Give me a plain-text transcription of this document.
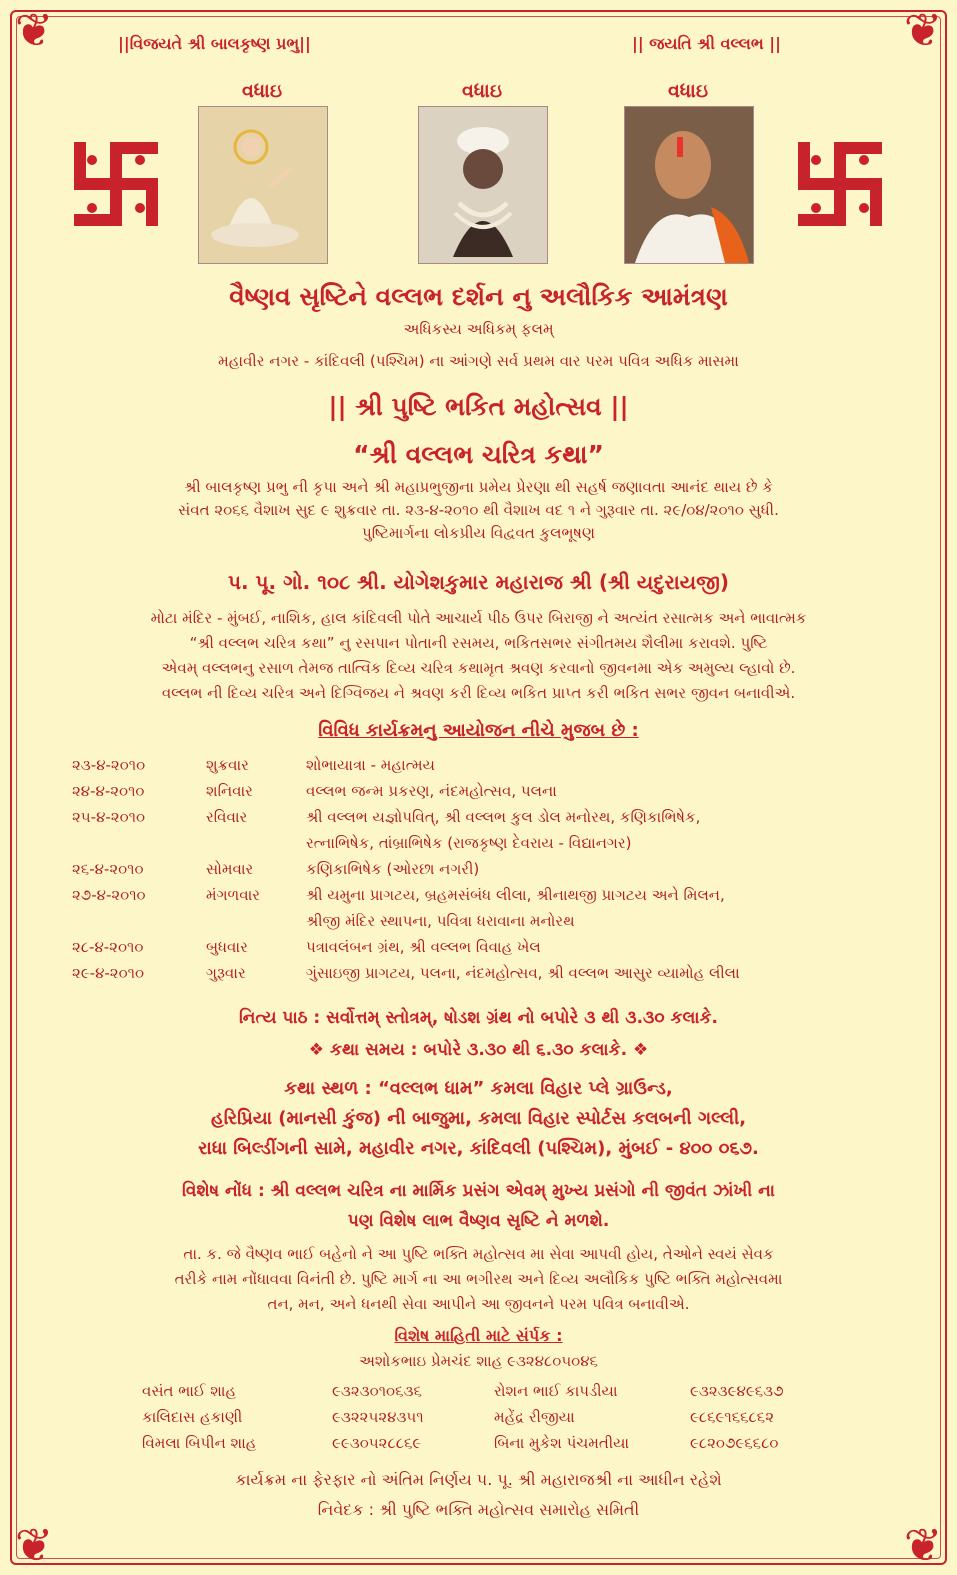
❦	❦
❦	❦
||વિજયતે શ્રી બાલકૃષ્ણ પ્રભુ||	|| જયતિ શ્રી વલ્લભ ||
વધાઇ	વધાઇ	વધાઇ
વૈષ્ણવ સૃષ્ટિને વલ્લભ દર્શન નુ અલૌકિક આમંત્રણ
અધિકસ્ય અધિકમ્ ફલમ્
મહાવીર નગર - કાંદિવલી (પશ્ચિમ) ના આંગણે સર્વ પ્રથમ વાર પરમ પવિત્ર અધિક માસમા
|| શ્રી પુષ્ટિ ભકિત મહોત્સવ ||
“શ્રી વલ્લભ ચરિત્ર કથા”
શ્રી બાલકૃષ્ણ પ્રભુ ની કૃપા અને શ્રી મહાપ્રભુજીના પ્રમેય પ્રેરણા થી સહર્ષ જણાવતા આનંદ થાય છે કે
સંવત ૨૦૬૬ વૈશાખ સુદ ૯ શુક્રવાર તા. ૨૩-૪-૨૦૧૦ થી વૈશાખ વદ ૧ ને ગુરૂવાર તા. ૨૯/૦૪/૨૦૧૦ સુધી.
પુષ્ટિમાર્ગના લોકપ્રીય વિદ્વવત કુલભૂષણ
પ. પૂ. ગો. ૧૦૮ શ્રી. યોગેશકુમાર મહારાજ શ્રી (શ્રી યદુરાયજી)
મોટા મંદિર - મુંબઈ, નાશિક, હાલ કાંદિવલી પોતે આચાર્ય પીઠ ઉપર બિરાજી ને અત્યંત રસાત્મક અને ભાવાત્મક
“શ્રી વલ્લભ ચરિત્ર કથા” નુ રસપાન પોતાની રસમય, ભકિતસભર સંગીતમય શૈલીમા કરાવશે. પુષ્ટિ
એવમ્ વલ્લભનુ રસાળ તેમજ તાત્વિક દિવ્ય ચરિત્ર કથામૃત શ્રવણ કરવાનો જીવનમા એક અમુલ્ય લ્હાવો છે.
વલ્લભ ની દિવ્ય ચરિત્ર અને દિગ્વિજય ને શ્રવણ કરી દિવ્ય ભકિત પ્રાપ્ત કરી ભકિત સભર જીવન બનાવીએ.
વિવિધ કાર્યક્રમનુ આયોજન નીચે મુજબ છે :
૨૩-૪-૨૦૧૦	શુક્રવાર	શોભાયાત્રા - મહાત્મય
૨૪-૪-૨૦૧૦	શનિવાર	વલ્લભ જન્મ પ્રકરણ, નંદમહોત્સવ, પલના
૨૫-૪-૨૦૧૦	રવિવાર	શ્રી વલ્લભ યજ્ઞોપવિત્, શ્રી વલ્લભ કુલ ડોલ મનોરથ, કણિકાભિષેક,
રત્નાભિષેક, તાંબ્રાભિષેક (રાજકૃષ્ણ દેવરાય - વિદ્યાનગર)
૨૬-૪-૨૦૧૦	સોમવાર	કણિકાભિષેક (ઓરછા નગરી)
૨૭-૪-૨૦૧૦	મંગળવાર	શ્રી યમુના પ્રાગટય, બ્રહમસંબંધ લીલા, શ્રીનાથજી પ્રાગટય અને મિલન,
શ્રીજી મંદિર સ્થાપના, પવિત્રા ધરાવાના મનોરથ
૨૮-૪-૨૦૧૦	બુધવાર	પત્રાવલંબન ગ્રંથ, શ્રી વલ્લભ વિવાહ ખેલ
૨૯-૪-૨૦૧૦	ગુરૂવાર	ગુંસાઇજી પ્રાગટય, પલના, નંદમહોત્સવ, શ્રી વલ્લભ આસુર વ્યામોહ લીલા
નિત્ય પાઠ : સર્વોત્તમ્ સ્તોત્રમ્, ષોડશ ગ્રંથ નો બપોરે ૩ થી ૩.૩૦ કલાકે.
❖ કથા સમય : બપોરે ૩.૩૦ થી ૬.૩૦ કલાકે. ❖
કથા સ્થળ : “વલ્લભ ધામ” કમલા વિહાર પ્લે ગ્રાઉન્ડ,
હરિપ્રિયા (માનસી કુંજ) ની બાજુમા, કમલા વિહાર સ્પોર્ટસ કલબની ગલ્લી,
રાધા બિલ્ડીંગની સામે, મહાવીર નગર, કાંદિવલી (પશ્ચિમ), મુંબઈ - ૪૦૦ ૦૬૭.
વિશેષ નોંધ : શ્રી વલ્લભ ચરિત્ર ના માર્મિક પ્રસંગ એવમ્ મુખ્ય પ્રસંગો ની જીવંત ઝાંખી ના
પણ વિશેષ લાભ વૈષ્ણવ સૃષ્ટિ ને મળશે.
તા. ક. જે વૈષ્ણવ ભાઈ બહેનો ને આ પુષ્ટિ ભક્તિ મહોત્સવ મા સેવા આપવી હોય, તેઓને સ્વયં સેવક
તરીકે નામ નોંધાવવા વિનંતી છે. પુષ્ટિ માર્ગ ના આ ભગીરથ અને દિવ્ય અલૌકિક પુષ્ટિ ભક્તિ મહોત્સવમા
તન, મન, અને ધનથી સેવા આપીને આ જીવનને પરમ પવિત્ર બનાવીએ.
વિશેષ માહિતી માટે સંર્પક :
અશોકભાઇ પ્રેમચંદ શાહ ૯૩૨૪૮૦૫૦૪૬
વસંત ભાઈ શાહ	૯૩૨૩૦૧૦૬૩૬	રોશન ભાઈ કાપડીયા	૯૩૨૩૯૪૯૬૩૭
કાલિદાસ હકાણી	૯૩૨૨૫૨૪૩૫૧	મહેંદ્ર રીજીયા	૯૮૬૯૧૬૬૮૬૨
વિમલા બિપીન શાહ	૯૯૩૦૫૨૮૮૬૯	બિના મુકેશ પંચમતીયા	૯૮૨૦૭૯૬૬૮૦
કાર્યક્રમ ના ફેરફાર નો અંતિમ નિર્ણય પ. પૂ. શ્રી મહારાજશ્રી ના આધીન રહેશે
નિવેદક : શ્રી પુષ્ટિ ભક્તિ મહોત્સવ સમારોહ સમિતી
